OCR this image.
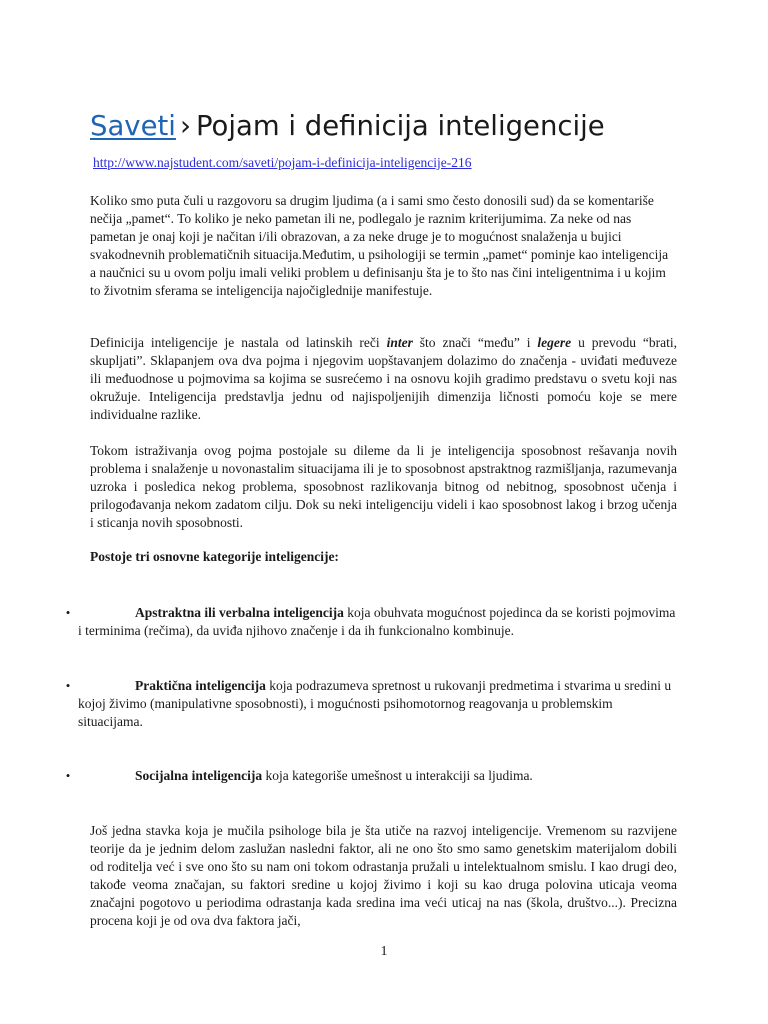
Saveti › Pojam i definicija inteligencije
http://www.najstudent.com/saveti/pojam-i-definicija-inteligencije-216

Koliko smo puta čuli u razgovoru sa drugim ljudima (a i sami smo često donosili sud) da se komentariše nečija „pamet“. To koliko je neko pametan ili ne, podlegalo je raznim kriterijumima. Za neke od nas pametan je onaj koji je načitan i/ili obrazovan, a za neke druge je to mogućnost snalaženja u bujici svakodnevnih problematičnih situacija.Međutim, u psihologiji se termin „pamet“ pominje kao inteligencija a naučnici su u ovom polju imali veliki problem u definisanju šta je to što nas čini inteligentnima i u kojim to životnim sferama se inteligencija najočiglednije manifestuje.

Definicija inteligencije je nastala od latinskih reči inter što znači “među” i legere u prevodu “brati, skupljati”. Sklapanjem ova dva pojma i njegovim uopštavanjem dolazimo do značenja - uviđati međuveze ili međuodnose u pojmovima sa kojima se susrećemo i na osnovu kojih gradimo predstavu o svetu koji nas okružuje. Inteligencija predstavlja jednu od najispoljenijih dimenzija ličnosti pomoću koje se mere individualne razlike.

Tokom istraživanja ovog pojma postojale su dileme da li je inteligencija sposobnost rešavanja novih problema i snalaženje u novonastalim situacijama ili je to sposobnost apstraktnog razmišljanja, razumevanja uzroka i posledica nekog problema, sposobnost razlikovanja bitnog od nebitnog, sposobnost učenja i prilogođavanja nekom zadatom cilju. Dok su neki inteligenciju videli i kao sposobnost lakog i brzog učenja i sticanja novih sposobnosti.

Postoje tri osnovne kategorije inteligencije:

•	Apstraktna ili verbalna inteligencija koja obuhvata mogućnost pojedinca da se koristi pojmovima i terminima (rečima), da uviđa njihovo značenje i da ih funkcionalno kombinuje.

•	Praktična inteligencija koja podrazumeva spretnost u rukovanji predmetima i stvarima u sredini u kojoj živimo (manipulativne sposobnosti), i mogućnosti psihomotornog reagovanja u problemskim situacijama.

•	Socijalna inteligencija koja kategoriše umešnost u interakciji sa ljudima.

Još jedna stavka koja je mučila psihologe bila je šta utiče na razvoj inteligencije. Vremenom su razvijene teorije da je jednim delom zaslužan nasledni faktor, ali ne ono što smo samo genetskim materijalom dobili od roditelja već i sve ono što su nam oni tokom odrastanja pružali u intelektualnom smislu. I kao drugi deo, takođe veoma značajan, su faktori sredine u kojoj živimo i koji su kao druga polovina uticaja veoma značajni pogotovo u periodima odrastanja kada sredina ima veći uticaj na nas (škola, društvo...). Precizna procena koji je od ova dva faktora jači,

1
